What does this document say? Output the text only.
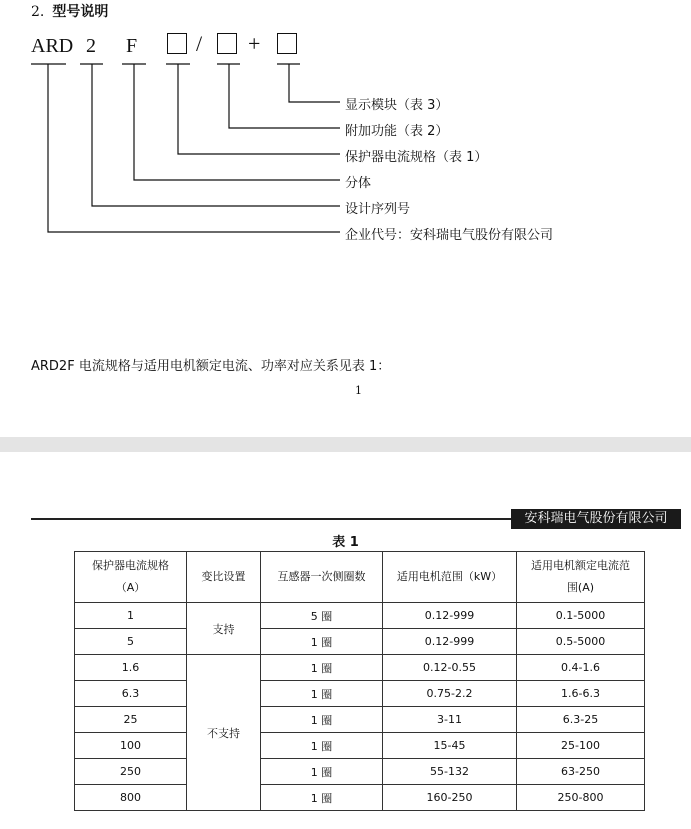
2. 型号说明
ARD 2 F	/ +
显示模块（表 3）
附加功能（表 2）
保护器电流规格（表 1）
分体
设计序列号
企业代号：安科瑞电气股份有限公司
ARD2F 电流规格与适用电机额定电流、功率对应关系见表 1：
1
安科瑞电气股份有限公司
表 1
保护器电流规格
（A）	变比设置	互感器一次侧圈数	适用电机范围（kW）	适用电机额定电流范
围(A)
1	支持	5 圈	0.12-999	0.1-5000
5		1 圈	0.12-999	0.5-5000
1.6	不支持	1 圈	0.12-0.55	0.4-1.6
6.3		1 圈	0.75-2.2	1.6-6.3
25		1 圈	3-11	6.3-25
100		1 圈	15-45	25-100
250		1 圈	55-132	63-250
800		1 圈	160-250	250-800
